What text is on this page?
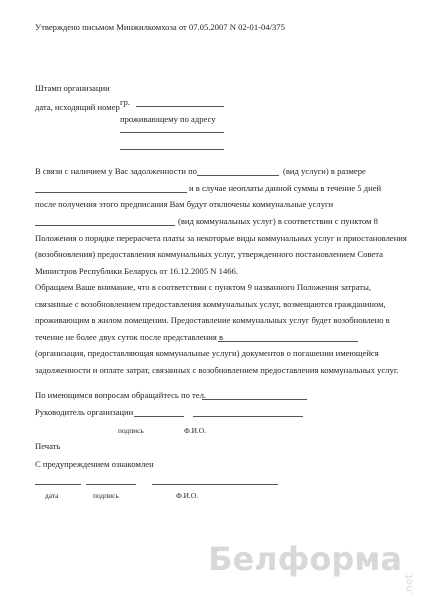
Утверждено письмом Минжилкомхоза от 07.05.2007 N 02-01-04/375
Штамп организации
дата, исходящий номер гр.
проживающему по адресу
В связи с наличием у Вас задолженности по	(вид услуги) в размере
и в случае неоплаты данной суммы в течение 5 дней
после получения этого предписания Вам будут отключены коммунальные услуги
(вид коммунальных услуг) в соответствии с пунктом 8
Положения о порядке перерасчета платы за некоторые виды коммунальных услуг и приостановления
(возобновления) предоставления коммунальных услуг, утвержденного постановлением Совета
Министров Республики Беларусь от 16.12.2005 N 1466.
Обращаем Ваше внимание, что в соответствии с пунктом 9 названного Положения затраты,
связанные с возобновлением предоставления коммунальных услуг, возмещаются гражданином,
проживающим в жилом помещении. Предоставление коммунальных услуг будет возобновлено в
течение не более двух суток после представления в
(организация, предоставляющая коммунальные услуги) документов о погашении имеющейся
задолженности и оплате затрат, связанных с возобновлением предоставления коммунальных услуг.
По имеющимся вопросам обращайтесь по тел.
Руководитель организации
подпись	Ф.И.О.
Печать
С предупреждением ознакомлен
дата	подпись	Ф.И.О.
Белформа
.net
